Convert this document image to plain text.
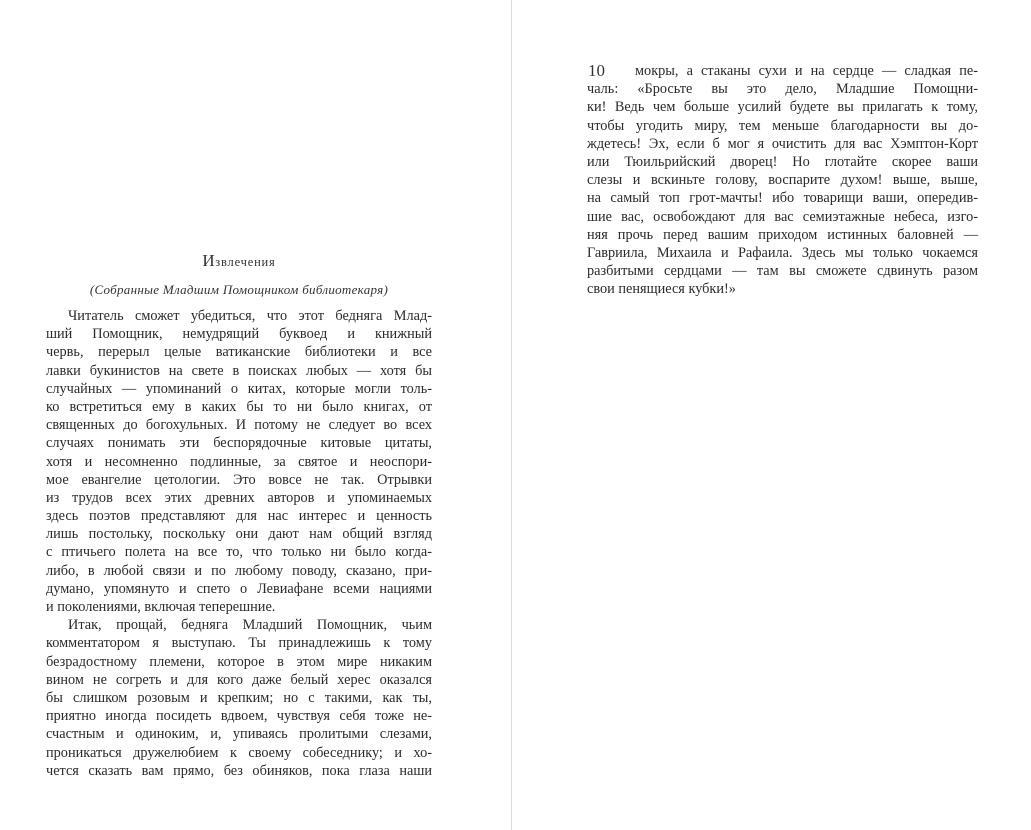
Извлечения
(Собранные Младшим Помощником библиотекаря)

Читатель сможет убедиться, что этот бедняга Млад-

ший Помощник, немудрящий буквоед и книжный

червь, перерыл целые ватиканские библиотеки и все

лавки букинистов на свете в поисках любых — хотя бы

случайных — упоминаний о китах, которые могли толь-

ко встретиться ему в каких бы то ни было книгах, от

священных до богохульных. И потому не следует во всех

случаях понимать эти беспорядочные китовые цитаты,

хотя и несомненно подлинные, за святое и неоспори-

мое евангелие цетологии. Это вовсе не так. Отрывки

из трудов всех этих древних авторов и упоминаемых

здесь поэтов представляют для нас интерес и ценность

лишь постольку, поскольку они дают нам общий взгляд

с птичьего полета на все то, что только ни было когда-

либо, в любой связи и по любому поводу, сказано, при-

думано, упомянуто и спето о Левиафане всеми нациями

и поколениями, включая теперешние.

Итак, прощай, бедняга Младший Помощник, чьим

комментатором я выступаю. Ты принадлежишь к тому

безрадостному племени, которое в этом мире никаким

вином не согреть и для кого даже белый херес оказался

бы слишком розовым и крепким; но с такими, как ты,

приятно иногда посидеть вдвоем, чувствуя себя тоже не-

счастным и одиноким, и, упиваясь пролитыми слезами,

проникаться дружелюбием к своему собеседнику; и хо-

чется сказать вам прямо, без обиняков, пока глаза наши

10	мокры, а стаканы сухи и на сердце — сладкая пе-

чаль: «Бросьте вы это дело, Младшие Помощни-

ки! Ведь чем больше усилий будете вы прилагать к тому,

чтобы угодить миру, тем меньше благодарности вы до-

ждетесь! Эх, если б мог я очистить для вас Хэмптон-Корт

или Тюильрийский дворец! Но глотайте скорее ваши

слезы и вскиньте голову, воспарите духом! выше, выше,

на самый топ грот-мачты! ибо товарищи ваши, опередив-

шие вас, освобождают для вас семиэтажные небеса, изго-

няя прочь перед вашим приходом истинных баловней —

Гавриила, Михаила и Рафаила. Здесь мы только чокаемся

разбитыми сердцами — там вы сможете сдвинуть разом

свои пенящиеся кубки!»
